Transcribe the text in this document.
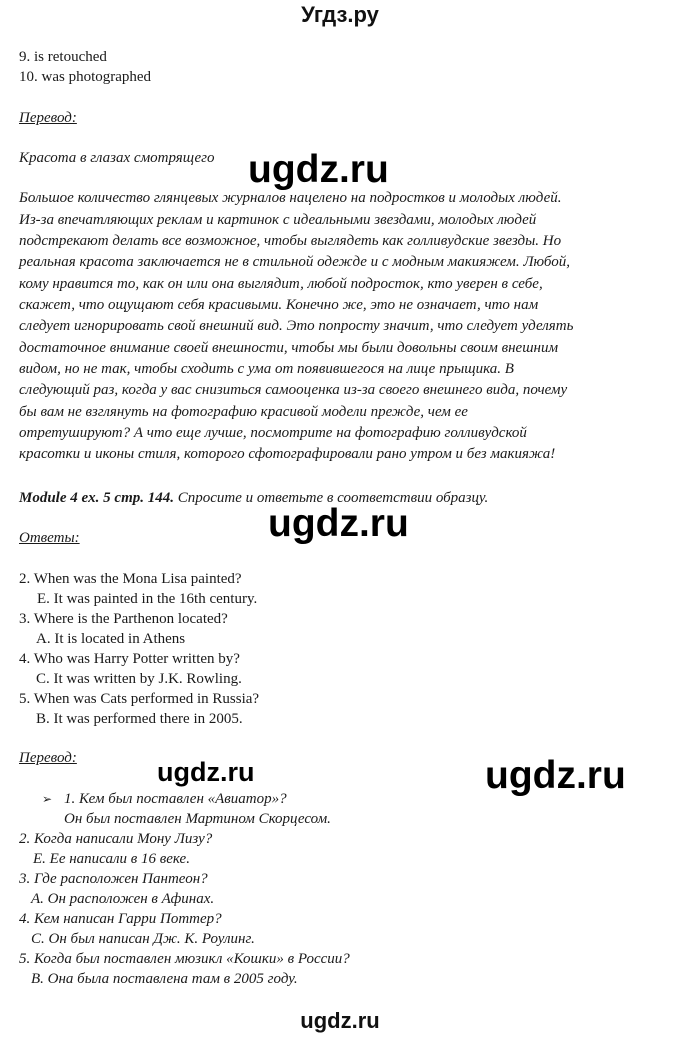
Угдз.ру
9. is retouched
10. was photographed
Перевод:
Красота в глазах смотрящего ugdz.ru
Большое количество глянцевых журналов нацелено на подростков и молодых людей.
Из-за впечатляющих реклам и картинок с идеальными звездами, молодых людей
подстрекают делать все возможное, чтобы выглядеть как голливудские звезды. Но
реальная красота заключается не в стильной одежде и с модным макияжем. Любой,
кому нравится то, как он или она выглядит, любой подросток, кто уверен в себе,
скажет, что ощущают себя красивыми. Конечно же, это не означает, что нам
следует игнорировать свой внешний вид. Это попросту значит, что следует уделять
достаточное внимание своей внешности, чтобы мы были довольны своим внешним
видом, но не так, чтобы сходить с ума от появившегося на лице прыщика. В
следующий раз, когда у вас снизиться самооценка из-за своего внешнего вида, почему
бы вам не взглянуть на фотографию красивой модели прежде, чем ее
отретушируют? А что еще лучше, посмотрите на фотографию голливудской
красотки и иконы стиля, которого сфотографировали рано утром и без макияжа!
Module 4 ex. 5 стр. 144. Спросите и ответьте в соответствии образцу.
ugdz.ru
Ответы:
2. When was the Mona Lisa painted?
E. It was painted in the 16th century.
3. Where is the Parthenon located?
A. It is located in Athens
4. Who was Harry Potter written by?
C. It was written by J.K. Rowling.
5. When was Cats performed in Russia?
B. It was performed there in 2005.
Перевод:	ugdz.ru	ugdz.ru
➢ 1. Кем был поставлен «Авиатор»?
Он был поставлен Мартином Скорцесом.
2. Когда написали Мону Лизу?
Е. Ее написали в 16 веке.
3. Где расположен Пантеон?
А. Он расположен в Афинах.
4. Кем написан Гарри Поттер?
С. Он был написан Дж. К. Роулинг.
5. Когда был поставлен мюзикл «Кошки» в России?
В. Она была поставлена там в 2005 году.
ugdz.ru
